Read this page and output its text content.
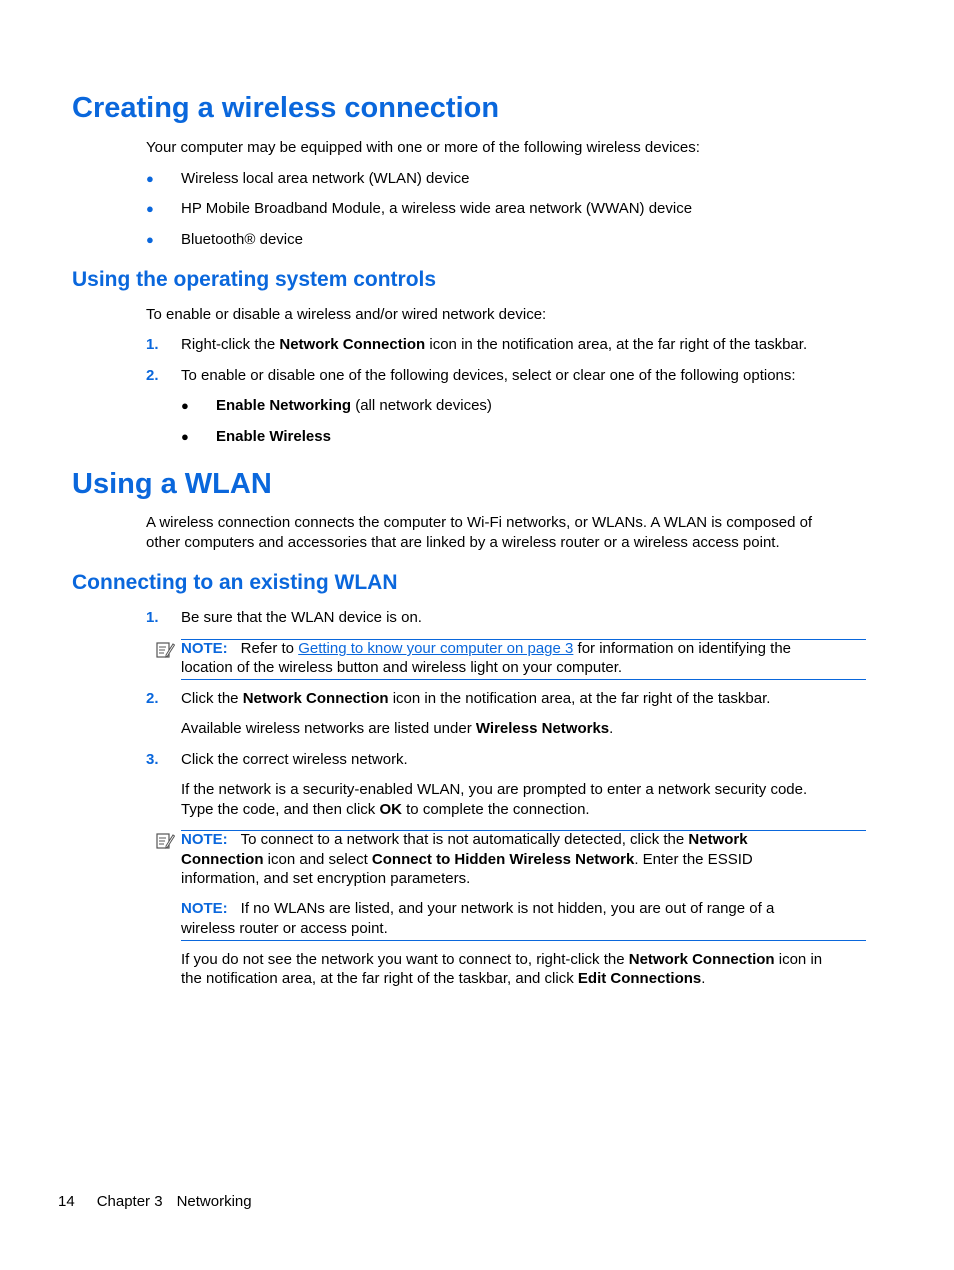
Creating a wireless connection

Your computer may be equipped with one or more of the following wireless devices:

● Wireless local area network (WLAN) device

● HP Mobile Broadband Module, a wireless wide area network (WWAN) device

● Bluetooth® device

Using the operating system controls

To enable or disable a wireless and/or wired network device:

1. Right-click the Network Connection icon in the notification area, at the far right of the taskbar.

2. To enable or disable one of the following devices, select or clear one of the following options:

● Enable Networking (all network devices)

● Enable Wireless

Using a WLAN

A wireless connection connects the computer to Wi-Fi networks, or WLANs. A WLAN is composed of

other computers and accessories that are linked by a wireless router or a wireless access point.

Connecting to an existing WLAN
1. Be sure that the WLAN device is on.

NOTE: Refer to Getting to know your computer on page 3 for information on identifying the

location of the wireless button and wireless light on your computer.

2. Click the Network Connection icon in the notification area, at the far right of the taskbar.

Available wireless networks are listed under Wireless Networks.

3. Click the correct wireless network.

If the network is a security-enabled WLAN, you are prompted to enter a network security code.

Type the code, and then click OK to complete the connection.

NOTE: To connect to a network that is not automatically detected, click the Network

Connection icon and select Connect to Hidden Wireless Network. Enter the ESSID

information, and set encryption parameters.

NOTE: If no WLANs are listed, and your network is not hidden, you are out of range of a

wireless router or access point.

If you do not see the network you want to connect to, right-click the Network Connection icon in

the notification area, at the far right of the taskbar, and click Edit Connections.

14 Chapter 3 Networking
